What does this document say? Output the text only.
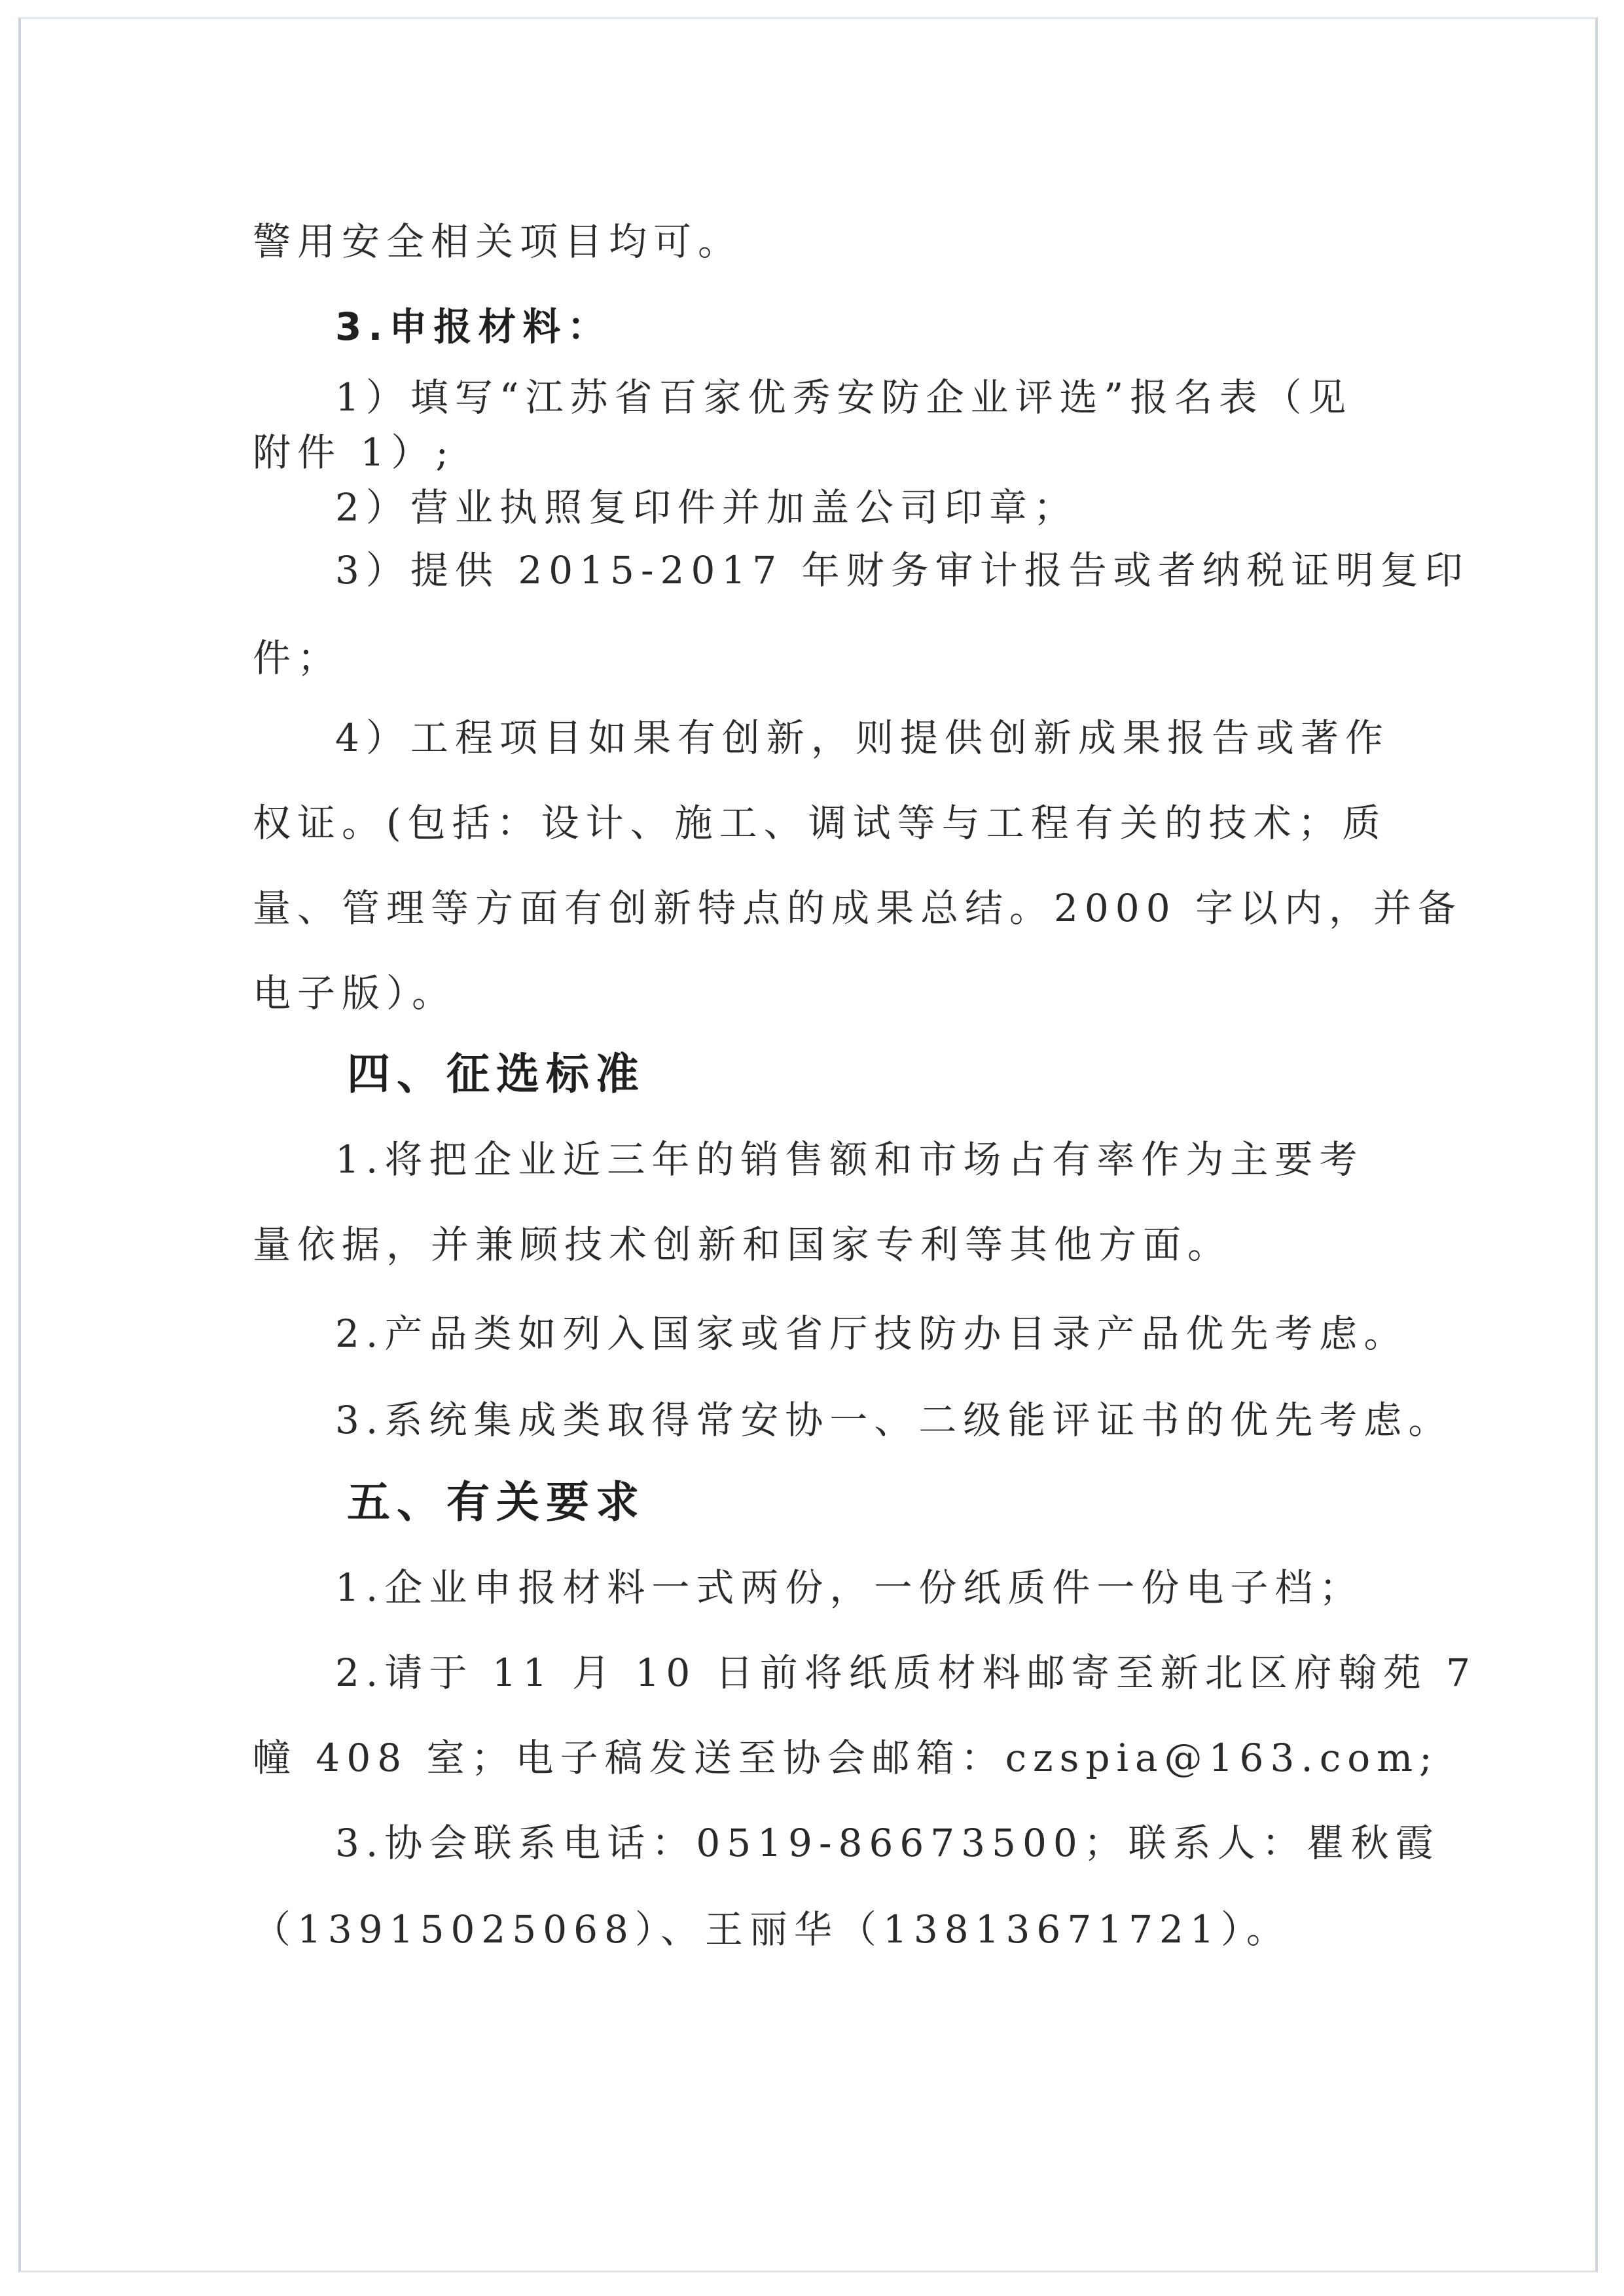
警用安全相关项目均可。
3.申报材料：
1）填写“江苏省百家优秀安防企业评选”报名表（见
附件 1）;
2）营业执照复印件并加盖公司印章；
3）提供 2015-2017 年财务审计报告或者纳税证明复印
件；
4）工程项目如果有创新，则提供创新成果报告或著作
权证。(包括：设计、施工、调试等与工程有关的技术；质
量、管理等方面有创新特点的成果总结。2000 字以内，并备
电子版）。
四、征选标准
1.将把企业近三年的销售额和市场占有率作为主要考
量依据，并兼顾技术创新和国家专利等其他方面。
2.产品类如列入国家或省厅技防办目录产品优先考虑。
3.系统集成类取得常安协一、二级能评证书的优先考虑。
五、有关要求
1.企业申报材料一式两份，一份纸质件一份电子档；
2.请于 11 月 10 日前将纸质材料邮寄至新北区府翰苑 7
幢 408 室；电子稿发送至协会邮箱：czspia@163.com;
3.协会联系电话：0519-86673500；联系人：瞿秋霞
（13915025068）、王丽华（13813671721）。
